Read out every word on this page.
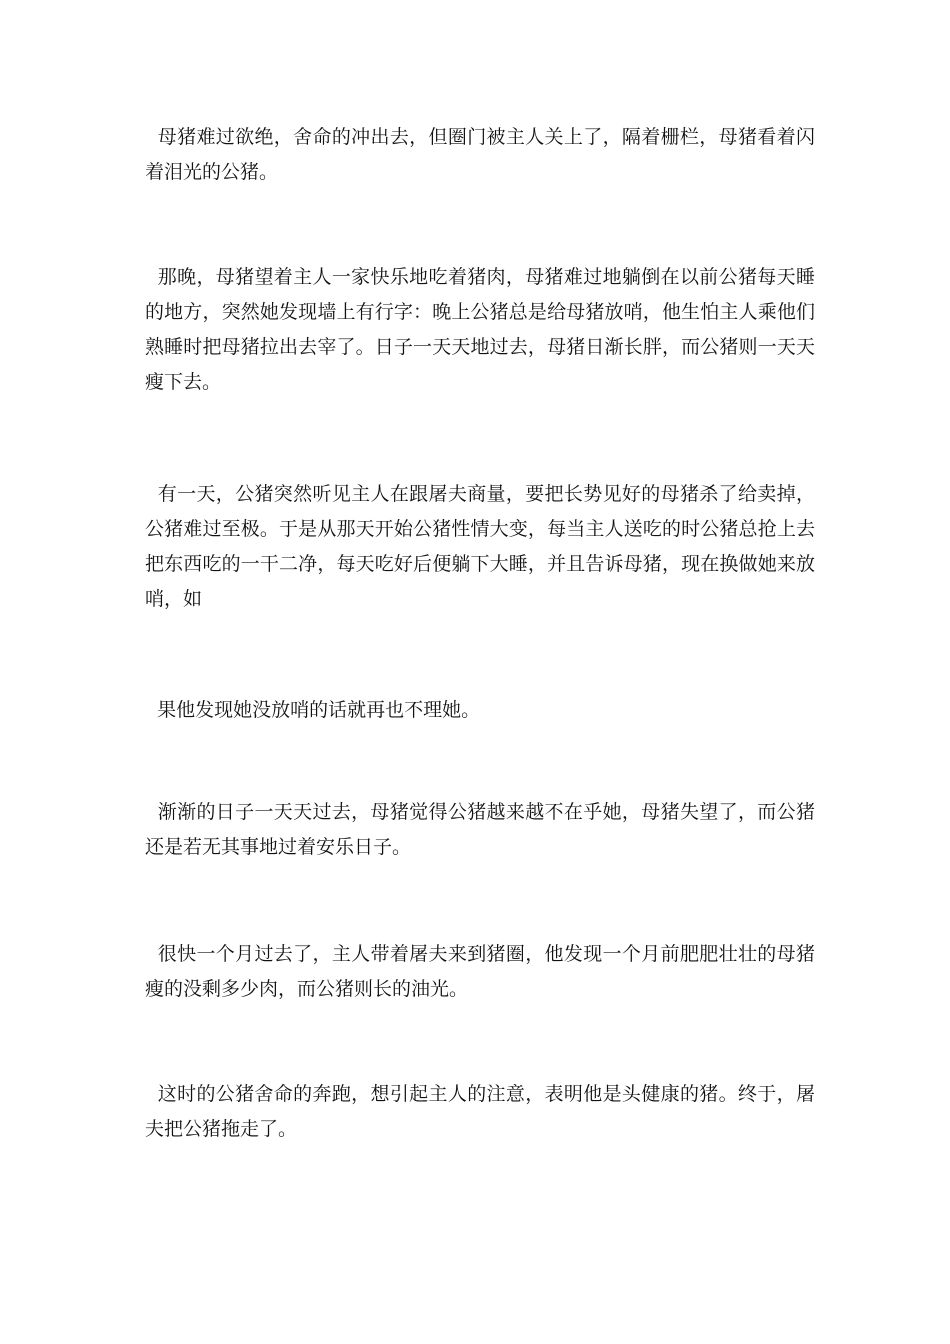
母猪难过欲绝，舍命的冲出去，但圈门被主人关上了，隔着栅栏，母猪看着闪着泪光的公猪。

那晚，母猪望着主人一家快乐地吃着猪肉，母猪难过地躺倒在以前公猪每天睡的地方，突然她发现墙上有行字：晚上公猪总是给母猪放哨，他生怕主人乘他们熟睡时把母猪拉出去宰了。日子一天天地过去，母猪日渐长胖，而公猪则一天天瘦下去。

有一天，公猪突然听见主人在跟屠夫商量，要把长势见好的母猪杀了给卖掉，公猪难过至极。于是从那天开始公猪性情大变，每当主人送吃的时公猪总抢上去把东西吃的一干二净，每天吃好后便躺下大睡，并且告诉母猪，现在换做她来放哨，如

果他发现她没放哨的话就再也不理她。

渐渐的日子一天天过去，母猪觉得公猪越来越不在乎她，母猪失望了，而公猪还是若无其事地过着安乐日子。

很快一个月过去了，主人带着屠夫来到猪圈，他发现一个月前肥肥壮壮的母猪瘦的没剩多少肉，而公猪则长的油光。

这时的公猪舍命的奔跑，想引起主人的注意，表明他是头健康的猪。终于，屠夫把公猪拖走了。
